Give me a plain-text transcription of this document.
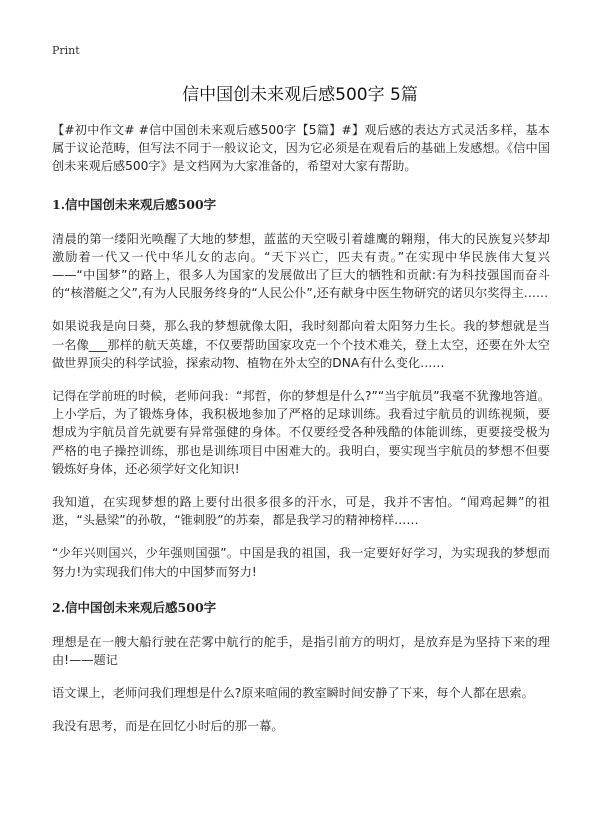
Print
信中国创未来观后感500字 5篇

【#初中作文# #信中国创未来观后感500字【5篇】#】观后感的表达方式灵活多样，基本属于议论范畴，但写法不同于一般议论文，因为它必须是在观看后的基础上发感想。《信中国创未来观后感500字》是文档网为大家准备的，希望对大家有帮助。

1.信中国创未来观后感500字

清晨的第一缕阳光唤醒了大地的梦想，蓝蓝的天空吸引着雄鹰的翱翔，伟大的民族复兴梦却激励着一代又一代中华儿女的志向。“天下兴亡，匹夫有责。”在实现中华民族伟大复兴——“中国梦”的路上，很多人为国家的发展做出了巨大的牺牲和贡献:有为科技强国而奋斗的“核潜艇之父”,有为人民服务终身的“人民公仆”,还有献身中医生物研究的诺贝尔奖得主……

如果说我是向日葵，那么我的梦想就像太阳，我时刻都向着太阳努力生长。我的梦想就是当一名像___那样的航天英雄，不仅要帮助国家攻克一个个技术难关，登上太空，还要在外太空做世界顶尖的科学试验，探索动物、植物在外太空的DNA有什么变化……

记得在学前班的时候，老师问我：“邦哲，你的梦想是什么?”“当宇航员”我毫不犹豫地答道。上小学后，为了锻炼身体，我积极地参加了严格的足球训练。我看过宇航员的训练视频，要想成为宇航员首先就要有异常强健的身体。不仅要经受各种残酷的体能训练，更要接受极为严格的电子操控训练，那也是训练项目中困难大的。我明白，要实现当宇航员的梦想不但要锻炼好身体，还必须学好文化知识!

我知道，在实现梦想的路上要付出很多很多的汗水，可是，我并不害怕。“闻鸡起舞”的祖逖，“头悬梁”的孙敬，“锥刺股”的苏秦，都是我学习的精神榜样……

“少年兴则国兴，少年强则国强”。中国是我的祖国，我一定要好好学习，为实现我的梦想而努力!为实现我们伟大的中国梦而努力!

2.信中国创未来观后感500字

理想是在一艘大船行驶在茫雾中航行的舵手，是指引前方的明灯，是放弃是为坚持下来的理由!——题记

语文课上，老师问我们理想是什么?原来喧闹的教室瞬时间安静了下来，每个人都在思索。

我没有思考，而是在回忆小时后的那一幕。
